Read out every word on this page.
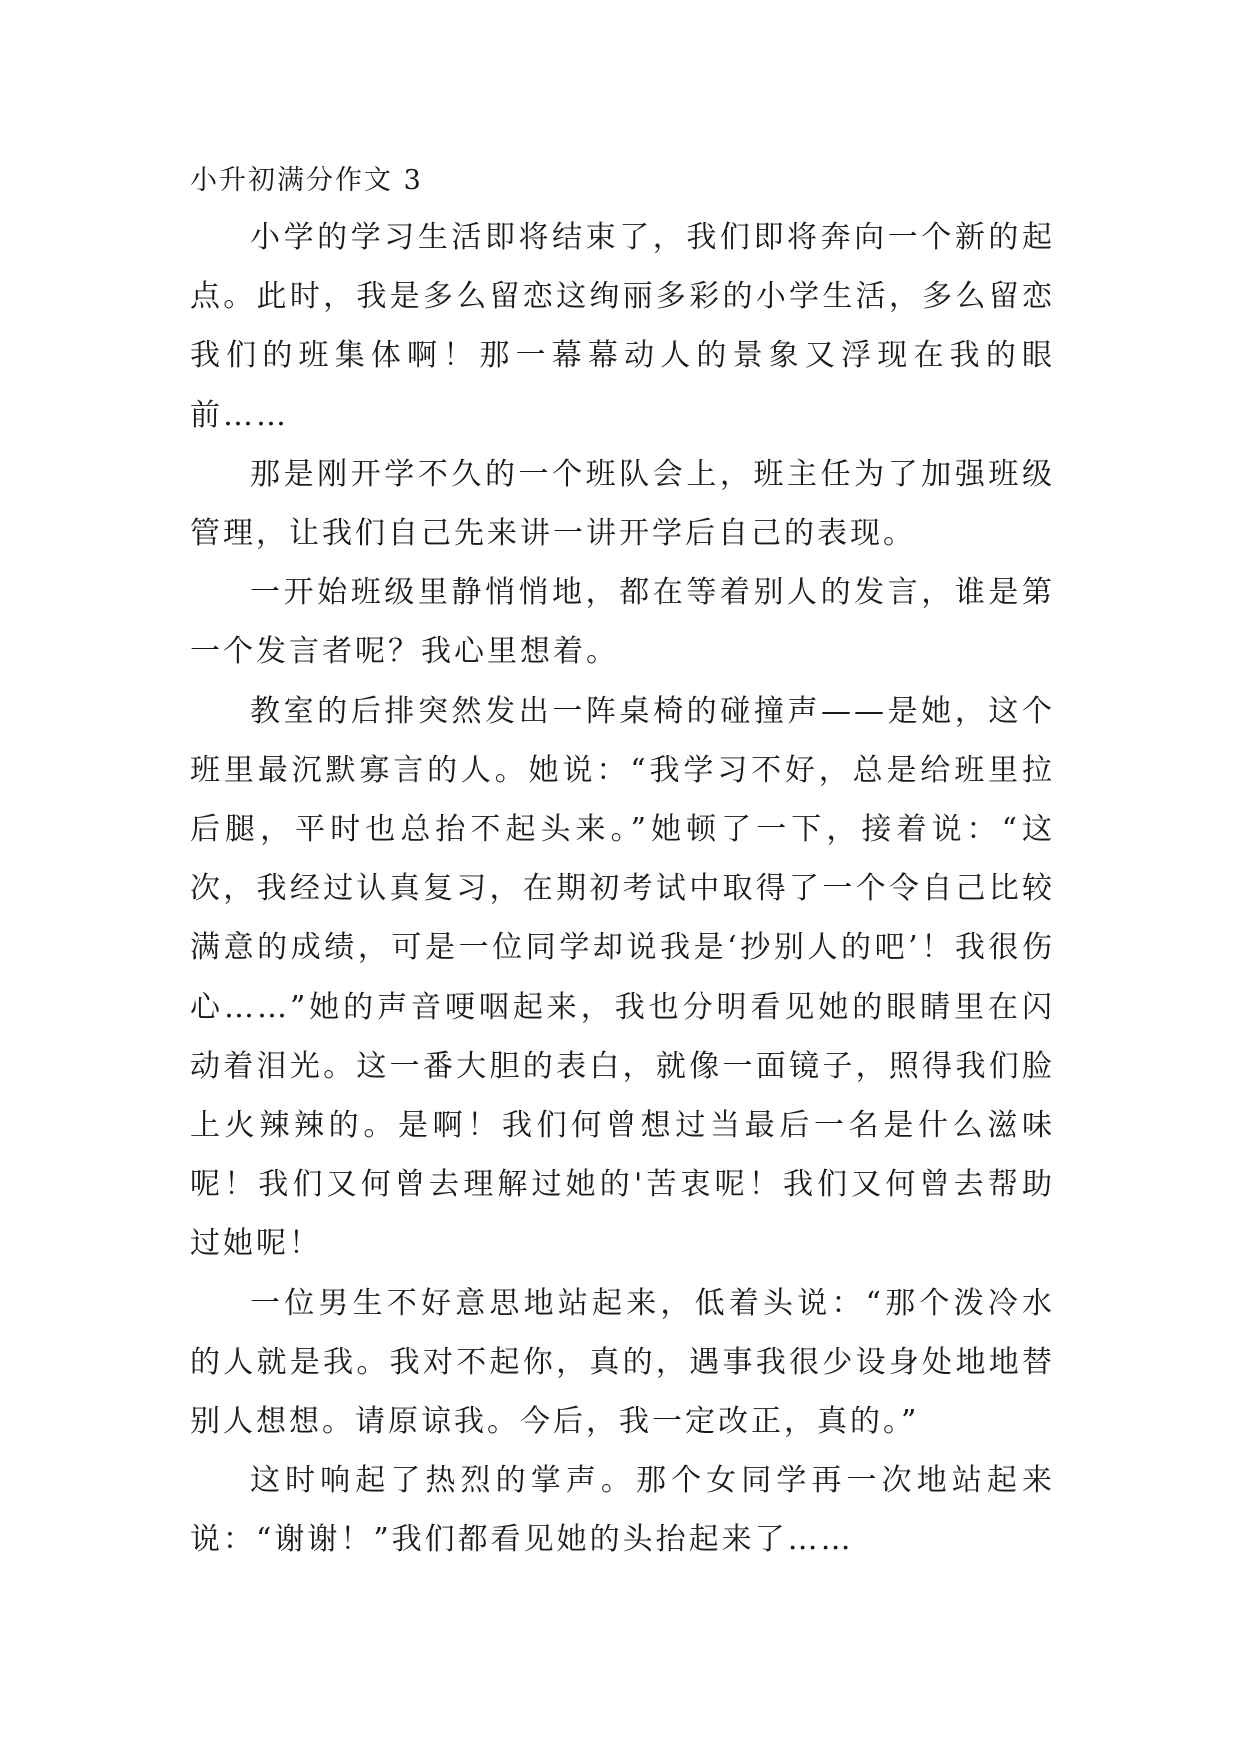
小升初满分作文 3

小学的学习生活即将结束了，我们即将奔向一个新的起点。此时，我是多么留恋这绚丽多彩的小学生活，多么留恋我们的班集体啊！那一幕幕动人的景象又浮现在我的眼前……

那是刚开学不久的一个班队会上，班主任为了加强班级管理，让我们自己先来讲一讲开学后自己的表现。

一开始班级里静悄悄地，都在等着别人的发言，谁是第一个发言者呢？我心里想着。

教室的后排突然发出一阵桌椅的碰撞声——是她，这个班里最沉默寡言的人。她说：“我学习不好，总是给班里拉后腿，平时也总抬不起头来。”她顿了一下，接着说：“这次，我经过认真复习，在期初考试中取得了一个令自己比较满意的成绩，可是一位同学却说我是‘抄别人的吧’！我很伤心……”她的声音哽咽起来，我也分明看见她的眼睛里在闪动着泪光。这一番大胆的表白，就像一面镜子，照得我们脸上火辣辣的。是啊！我们何曾想过当最后一名是什么滋味呢！我们又何曾去理解过她的'苦衷呢！我们又何曾去帮助过她呢！

一位男生不好意思地站起来，低着头说：“那个泼冷水的人就是我。我对不起你，真的，遇事我很少设身处地地替别人想想。请原谅我。今后，我一定改正，真的。”

这时响起了热烈的掌声。那个女同学再一次地站起来说：“谢谢！”我们都看见她的头抬起来了……
